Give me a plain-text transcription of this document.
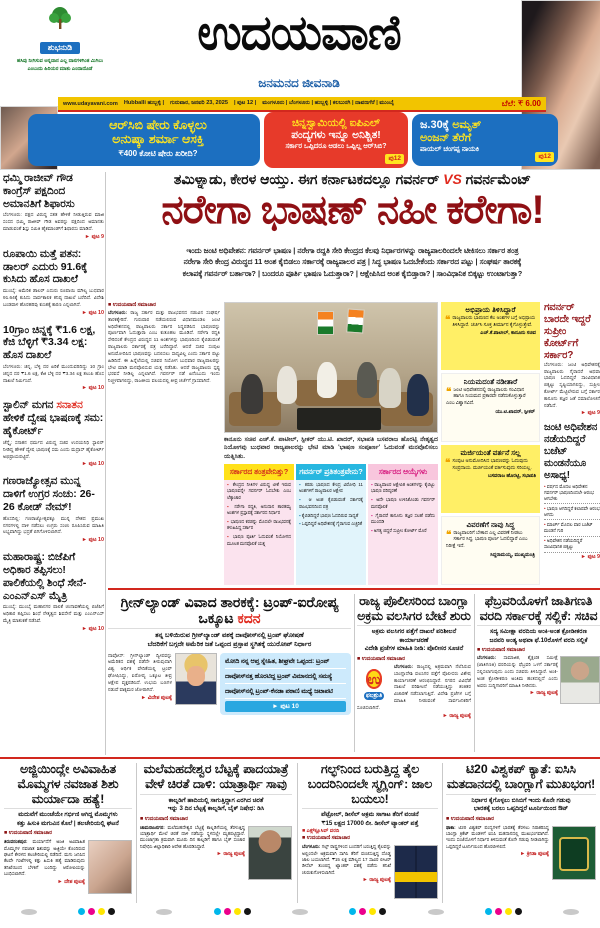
ಶುಭನುಡಿ
ಹಸಿವು ನೀಗಿಸುವ ಅನ್ನದಾನ ಎಲ್ಲ ದಾನಗಳಿಗಿಂತ ಮಿಗಿಲು ಎಂಬುದು ಹಿರಿಯರ ಮಾತು ಎಂದಾದೊಡೆ
ಉದಯವಾಣಿ
ಜನಮನದ ಜೀವನಾಡಿ
www.udayavani.com Hubballi ಹುಬ್ಬಳ್ಳಿ | ಗುರುವಾರ, ಜನವರಿ 23, 2025 | ಪುಟ 12 | ಮಂಗಳೂರು | ಬೆಂಗಳೂರು | ಹುಬ್ಬಳ್ಳಿ | ಕಲಬುರಗಿ | ದಾವಣಗೆರೆ | ಮುಂಬೈ	ಬೆಲೆ: ₹ 6.00
ಆರ್‌ಸಿಬಿ ಷೇರು ಕೊಳ್ಳಲು
ಅನುಷ್ಕಾ ಶರ್ಮಾ ಆಸಕ್ತಿ
₹400 ಕೋಟಿ ಷೇರು ಖರೀದಿ?
ಚಿನ್ನಸ್ವಾಮಿಯಲ್ಲಿ ಐಪಿಎಲ್
ಪಂದ್ಯಗಳು ಇನ್ನೂ ಅನಿಶ್ಚಿತ!
ಸರ್ಕಾರ ಒಪ್ಪಿದರೂ ಆಡಲು ಒಪ್ಪಿಲ್ಲ ಆರ್‌ಸಿಬಿ?
ಪು12
ಜ.30ಕ್ಕೆ ಅಮೃತ್
ಅಂಜನ್ ತೆರೆಗೆ
ಪಾಯಲ್ ಚಂಗಪ್ಪ ನಾಯಕಿ
ಪು12
ತಮಿಳ್ನಾಡು, ಕೇರಳ ಆಯ್ತು. ಈಗ ಕರ್ನಾಟಕದಲ್ಲೂ ಗವರ್ನರ್ VS ಗವರ್ನಮೆಂಟ್
ನರೇಗಾ ಭಾಷಣ್ ನಹೀ ಕರೇಗಾ!
ಇಂದು ಜಂಟಿ ಅಧಿವೇಶನ: ಗವರ್ನರ್ ಭಾಷಣ | ನರೇಗಾ ರದ್ದತಿ ಸೇರಿ ಕೇಂದ್ರದ ಕೆಲವು ನಿರ್ಧಾರಗಳನ್ನು ರಾಜ್ಯಪಾಲರಿಂದಲೇ ಟೀಕಿಸಲು ಸರ್ಕಾರ ತಂತ್ರ
ನರೇಗಾ ಸೇರಿ ಕೇಂದ್ರ ವಿರುದ್ಧದ 11 ಅಂಶ ಕೈಬಿಡಲು ಸರ್ಕಾರಕ್ಕೆ ರಾಜ್ಯಪಾಲರ ಪತ್ರ | ಸಿದ್ಧ ಭಾಷಣ ಓದಬೇಕೆಂದು ಸರ್ಕಾರದ ಪಟ್ಟು | ಸಂಘರ್ಷ ತಾರಕಕ್ಕೆ
ಕಲಾಪಕ್ಕೆ ಗವರ್ನರ್ ಬರ್ತಾರಾ? | ಬಂದರೂ ಪೂರ್ತಿ ಭಾಷಣ ಓದುತ್ತಾರಾ? | ಆಕ್ಷೇಪಿಸಿದ ಅಂಶ ಕೈಬಿಡ್ತಾರಾ? | ಸಾಂವಿಧಾನಿಕ ಬಿಕ್ಕಟ್ಟು ಉಂಟಾಗುತ್ತಾ?
ಧಮ್ಮಿ ರಾಜೀವ್ ಗೌಡ ಕಾಂಗ್ರೆಸ್ ಪಕ್ಷದಿಂದ ಅಮಾನತಿಗೆ ಶಿಫಾರಸು
ಬೆಂಗಳೂರು: ಪಕ್ಷದ ವಿರುದ್ಧ ಸತತ ಹೇಳಿಕೆ ನೀಡುತ್ತಿರುವ ಮಾಜಿ ಸಂಸದ ಧಮ್ಮಿ ರಾಜೀವ್ ಗೌಡ ಅವರನ್ನು ಪಕ್ಷದಿಂದ ಅಮಾನತು ಮಾಡುವಂತೆ ಶಿಸ್ತು ಸಮಿತಿ ಹೈಕಮಾಂಡ್‌ಗೆ ಶಿಫಾರಸು ಮಾಡಿದೆ.
► ಪುಟ 9
ರೂಪಾಯಿ ಮತ್ತೆ ಪತನ: ಡಾಲರ್ ಎದುರು 91.6ಕ್ಕೆ ಕುಸಿದು ಹೊಸ ದಾಖಲೆ
ಮುಂಬೈ: ಅಮೆರಿಕ ಡಾಲರ್ ಎದುರು ರೂಪಾಯಿ ಮೌಲ್ಯ ಬುಧವಾರ 91.64ಕ್ಕೆ ಕುಸಿದು ಸಾರ್ವಕಾಲಿಕ ಕನಿಷ್ಠ ದಾಖಲೆ ಬರೆದಿದೆ. ವಿದೇಶಿ ಬಂಡವಾಳ ಹೊರಹರಿವು ಕುಸಿತಕ್ಕೆ ಕಾರಣ ಎನ್ನಲಾಗಿದೆ.
► ಪುಟ 10
10ಗ್ರಾಂ ಚಿನ್ನಕ್ಕೆ ₹1.6 ಲಕ್ಷ, ಕೆಜಿ ಬೆಳ್ಳಿಗೆ ₹3.34 ಲಕ್ಷ: ಹೊಸ ದಾಖಲೆ
ಬೆಂಗಳೂರು: ಚಿನ್ನ, ಬೆಳ್ಳಿ ದರ ಏರಿಕೆ ಮುಂದುವರಿದಿದ್ದು 10 ಗ್ರಾಂ ಚಿನ್ನದ ದರ ₹1.6 ಲಕ್ಷ, ಕೆಜಿ ಬೆಳ್ಳಿ ದರ ₹3.34 ಲಕ್ಷ ತಲುಪಿ ಹೊಸ ದಾಖಲೆ ನಿರ್ಮಿಸಿದೆ.
► ಪುಟ 10
ಸ್ಟಾಲಿನ್ ಮಗನ ಸನಾತನ ಹೇಳಿಕೆ ದ್ವೇಷ ಭಾಷಣಕ್ಕೆ ಸಮ: ಹೈಕೋರ್ಟ್
ಚೆನ್ನೈ: ಸನಾತನ ಧರ್ಮದ ವಿರುದ್ಧ ಸಚಿವ ಉದಯನಿಧಿ ಸ್ಟಾಲಿನ್ ನೀಡಿದ್ದ ಹೇಳಿಕೆ ದ್ವೇಷ ಭಾಷಣಕ್ಕೆ ಸಮ ಎಂದು ಮದ್ರಾಸ್ ಹೈಕೋರ್ಟ್ ಅಭಿಪ್ರಾಯಪಟ್ಟಿದೆ.
► ಪುಟ 10
ಗಣರಾಜ್ಯೋತ್ಸವ ಮುನ್ನ ದಾಳಿಗೆ ಉಗ್ರರ ಸಂಚು: 26-26 ಕೋಡ್ ನೇಮ್!
ಹೊಸದಿಲ್ಲಿ: ಗಣರಾಜ್ಯೋತ್ಸವಕ್ಕೂ ಮುನ್ನ ದೇಶದ ಪ್ರಮುಖ ನಗರಗಳಲ್ಲಿ ದಾಳಿ ನಡೆಸಲು ಉಗ್ರರು ಸಂಚು ರೂಪಿಸಿರುವ ಮಾಹಿತಿ ಲಭ್ಯವಾಗಿದ್ದು ಭದ್ರತೆ ಬಿಗಿಗೊಳಿಸಲಾಗಿದೆ.
► ಪುಟ 10
ಮಹಾರಾಷ್ಟ್ರ: ಬಿಜೆಪಿಗೆ ಅಧಿಕಾರ ತಪ್ಪಿಸಲು! ಪಾಲಿಕೆಯಲ್ಲಿ ಶಿಂಧೆ ಸೇನೆ-ಎಂಎನ್‌ಎಸ್ ಮೈತ್ರಿ
ಮುಂಬೈ: ಮುಂಬೈ ಮಹಾನಗರ ಪಾಲಿಕೆ ಚುನಾವಣೆಯಲ್ಲಿ ಬಿಜೆಪಿಗೆ ಅಧಿಕಾರ ತಪ್ಪಿಸಲು ಶಿಂಧೆ ನೇತೃತ್ವದ ಶಿವಸೇನೆ ಮತ್ತು ಎಂಎನ್‌ಎಸ್ ಮೈತ್ರಿ ಮಾತುಕತೆ ನಡೆಸಿವೆ.
► ಪುಟ 10
■ ಉದಯವಾಣಿ ಸಮಾಚಾರ
ಬೆಂಗಳೂರು: ರಾಜ್ಯ ಸರ್ಕಾರ ಮತ್ತು ರಾಜಭವನದ ನಡುವಿನ ಸಂಘರ್ಷ ತಾರಕಕ್ಕೇರಿದೆ. ಗುರುವಾರ ನಡೆಯಲಿರುವ ವಿಧಾನಮಂಡಲ ಜಂಟಿ ಅಧಿವೇಶನದಲ್ಲಿ ರಾಜ್ಯಪಾಲರು ಸರ್ಕಾರ ಸಿದ್ಧಪಡಿಸಿದ ಭಾಷಣವನ್ನು ಪೂರ್ಣವಾಗಿ ಓದುತ್ತಾರಾ ಎಂಬ ಕುತೂಹಲ ಮೂಡಿದೆ. ನರೇಗಾ ರದ್ದತಿ ಸೇರಿದಂತೆ ಕೇಂದ್ರದ ವಿರುದ್ಧದ 11 ಅಂಶಗಳನ್ನು ಭಾಷಣದಿಂದ ಕೈಬಿಡುವಂತೆ ರಾಜ್ಯಪಾಲರು ಸರ್ಕಾರಕ್ಕೆ ಪತ್ರ ಬರೆದಿದ್ದಾರೆ. ಆದರೆ ಸಚಿವ ಸಂಪುಟ ಅನುಮೋದಿಸಿದ ಭಾಷಣವನ್ನು ಬದಲಿಸಲು ಸಾಧ್ಯವಿಲ್ಲ ಎಂದು ಸರ್ಕಾರ ಪಟ್ಟು ಹಿಡಿದಿದೆ. ಈ ಹಿನ್ನೆಲೆಯಲ್ಲಿ ಸಚಿವರ ನಿಯೋಗ ಬುಧವಾರ ರಾಜ್ಯಪಾಲರನ್ನು ಭೇಟಿ ಮಾಡಿ ಮನವೊಲಿಸುವ ಯತ್ನ ನಡೆಸಿತು. ಆದರೆ ರಾಜ್ಯಪಾಲರು ಸ್ಪಷ್ಟ ಭರವಸೆ ನೀಡಿಲ್ಲ ಎನ್ನಲಾಗಿದೆ. ಗವರ್ನರ್ ನಡೆ ಏನೆಂಬುದು ಇಂದು ನಿಚ್ಚಳವಾಗಲಿದ್ದು, ರಾಜಕೀಯ ವಲಯದಲ್ಲಿ ತೀವ್ರ ಚರ್ಚೆಗೆ ಗ್ರಾಸವಾಗಿದೆ.
ಕಾನೂನು ಸಚಿವ ಎಚ್.ಕೆ. ಪಾಟೀಲ್, ಸ್ಪೀಕರ್ ಯು.ಟಿ. ಖಾದರ್, ಸಭಾಪತಿ ಬಸವರಾಜ ಹೊರಟ್ಟಿ ನೇತೃತ್ವದ ನಿಯೋಗವು ಬುಧವಾರ ರಾಜ್ಯಪಾಲರನ್ನು ಭೇಟಿ ಮಾಡಿ 'ಭಾಷಣ ಸಂಪೂರ್ಣ' ಓದುವಂತೆ ಮನವೊಲಿಸಲು ಯತ್ನಿಸಿತು.
ಸರ್ಕಾರದ ತಂತ್ರವೇನಿತ್ತು?
▪ ಕೇಂದ್ರದ ನೀತಿಗಳ ವಿರುದ್ಧ ಟೀಕೆ ಇರುವ ಭಾಷಣವನ್ನೇ ಗವರ್ನರ್ ಓದಬೇಕು ಎಂಬ ಲೆಕ್ಕಾಚಾರ
▪ ನರೇಗಾ ರದ್ದತಿ, ಅನುದಾನ ತಾರತಮ್ಯ ಅಂಶಗಳ ಪ್ರಸ್ತಾಪಕ್ಕೆ ಸರ್ಕಾರದ ನಿರ್ಧಾರ
▪ ಭಾಷಣದ ಕರಡನ್ನು ಮೊದಲೇ ರಾಜಭವನಕ್ಕೆ ಕಳುಹಿಸಿದ್ದ ಸರ್ಕಾರ
▪ ಭಾಷಣ ಪೂರ್ತಿ ಓದುವಂತೆ ನಿಯೋಗದ ಮೂಲಕ ಮನವೊಲಿಕೆ ಯತ್ನ
ಗವರ್ನರ್ ಪ್ರತಿತಂತ್ರವೇನು?
▪ ಕರಡು ಭಾಷಣದ ಕೇಂದ್ರ ವಿರೋಧಿ 11 ಅಂಶಗಳಿಗೆ ರಾಜ್ಯಪಾಲರ ಆಕ್ಷೇಪ
▪ ಆ ಅಂಶ ಕೈಬಿಡುವಂತೆ ಸರ್ಕಾರಕ್ಕೆ ರಾಜಭವನದಿಂದ ಪತ್ರ
▪ ಕೈಬಿಡದಿದ್ದರೆ ಭಾಷಣ ಓದದಿರುವ ಸಾಧ್ಯತೆ
▪ ಒಪ್ಪದಿದ್ದರೆ ಅಧಿವೇಶನಕ್ಕೆ ಗೈರಾಗುವ ಎಚ್ಚರಿಕೆ
ಸರ್ಕಾರದ ಆಯ್ಕೆಗಳು
▪ ರಾಜ್ಯಪಾಲರ ಆಕ್ಷೇಪಿತ ಅಂಶಗಳನ್ನು ಕೈಬಿಟ್ಟು ಭಾಷಣ ಪರಿಷ್ಕರಣೆ
▪ ಅದೇ ಭಾಷಣ ಉಳಿಸಿಕೊಂಡು ಗವರ್ನರ್ ಮನವೊಲಿಕೆ
▪ ಗೈರಾದರೆ ಕಾನೂನು ತಜ್ಞರ ಸಲಹೆ ಪಡೆದು ಮುಂದಡಿ
▪ ಅಗತ್ಯ ಬಿದ್ದರೆ ಸುಪ್ರೀಂ ಕೋರ್ಟ್ ಮೊರೆ
ಅಭಿಪ್ರಾಯ ತಿಳಿಸಿದ್ದಾರೆ
❝ ರಾಜ್ಯಪಾಲರು ಭಾಷಣದ ಕೆಲ ಅಂಶಗಳ ಬಗ್ಗೆ ಅಭಿಪ್ರಾಯ ತಿಳಿಸಿದ್ದಾರೆ. ಚರ್ಚಿಸಿ ಸೂಕ್ತ ತೀರ್ಮಾನ ಕೈಗೊಳ್ಳುತ್ತೇವೆ.
ಎಚ್.ಕೆ.ಪಾಟೀಲ್, ಕಾನೂನು ಸಚಿವ
ನಿಯಮದಂತೆ ನಡೀತಾರೆ
❝ ಜಂಟಿ ಅಧಿವೇಶನದಲ್ಲಿ ರಾಜ್ಯಪಾಲರು ಸಂವಿಧಾನ ಹಾಗೂ ನಿಯಮದ ಪ್ರಕಾರವೇ ನಡೆದುಕೊಳ್ಳುತ್ತಾರೆ ಎಂಬ ವಿಶ್ವಾಸವಿದೆ.
ಯು.ಟಿ.ಖಾದರ್, ಸ್ಪೀಕರ್
ಮರ್ಜಿಯಂತೆ ವರ್ತನೆ ಸಲ್ಲ
❝ ಸಂಪುಟ ಅನುಮೋದಿಸಿದ ಭಾಷಣವನ್ನು ಓದುವುದು ಸಂಪ್ರದಾಯ. ಮರ್ಜಿಯಂತೆ ವರ್ತಿಸುವುದು ಸರಿಯಲ್ಲ.
ಬಸವರಾಜ ಹೊರಟ್ಟಿ, ಸಭಾಪತಿ
ವಿವರಣೆಗೆ ನಾವು ಸಿದ್ಧ
❝ ರಾಜ್ಯಪಾಲರಿಗೆ ಬೇಕಾದ ಎಲ್ಲ ವಿವರಣೆ ನೀಡಲು ಸರ್ಕಾರ ಸಿದ್ಧ. ಭಾಷಣ ಪೂರ್ಣ ಓದಲಿದ್ದಾರೆ ಎಂಬ ನಿರೀಕ್ಷೆ ಇದೆ.
ಸಿದ್ದರಾಮಯ್ಯ, ಮುಖ್ಯಮಂತ್ರಿ
ಗವರ್ನರ್ ಬಾರದೇ ಇದ್ದರೆ ಸುಪ್ರೀಂ ಕೋರ್ಟ್‌ಗೆ ಸರ್ಕಾರ?
ಬೆಂಗಳೂರು: ಜಂಟಿ ಅಧಿವೇಶನಕ್ಕೆ ರಾಜ್ಯಪಾಲರು ಗೈರಾದರೆ ಅಥವಾ ಭಾಷಣ ಓದದಿದ್ದರೆ ಸಾಂವಿಧಾನಿಕ ಬಿಕ್ಕಟ್ಟು ಸೃಷ್ಟಿಯಾಗಲಿದ್ದು, ಸುಪ್ರೀಂ ಕೋರ್ಟ್ ಮೆಟ್ಟಿಲೇರುವ ಬಗ್ಗೆ ಸರ್ಕಾರ ಕಾನೂನು ತಜ್ಞರ ಜತೆ ಸಮಾಲೋಚನೆ ನಡೆಸಿದೆ.
► ಪುಟ 9
ಜಂಟಿ ಅಧಿವೇಶನ ನಡೆಯದಿದ್ದರೆ ಬಜೆಟ್ ಮಂಡನೆಯೂ ಅಸಾಧ್ಯ!
• ವರ್ಷದ ಮೊದಲ ಅಧಿವೇಶನ ಗವರ್ನರ್ ಭಾಷಣದಿಂದಲೇ ಆರಂಭ ಆಗಬೇಕು
• ಭಾಷಣ ಆಗದಿದ್ದರೆ ಕಲಾಪವೇ ಆರಂಭ ಆಗದು
• ಮಾರ್ಚ್ ಮೊದಲ ವಾರ ಬಜೆಟ್ ಮಂಡನೆ ಗುರಿ
• ಅಧಿವೇಶನ ನಡೆಯದಿದ್ದರೆ ಸಾಂವಿಧಾನಿಕ ಬಿಕ್ಕಟ್ಟು
► ಪುಟ 9
ಗ್ರೀನ್‌ಲ್ಯಾಂಡ್ ವಿವಾದ ತಾರಕಕ್ಕೆ: ಟ್ರಂಪ್-ಐರೋಪ್ಯ ಒಕ್ಕೂಟ ಕದನ
ತನ್ನ ಬಳಿಯಿರುವ ಗ್ರೀನ್‌ಲ್ಯಾಂಡ್ ವಶಕ್ಕೆ ದಾವೋಸ್‌ನಲ್ಲಿ ಟ್ರಂಪ್ ಘೋಷಣೆ
ಬೆದರಿಕೆಗೆ ಬಗ್ಗದೇ ಅಮೆರಿಕ ಜತೆ ಒಪ್ಪಂದ ಪ್ರಸ್ತಾಪ ಸ್ಥಗಿತಕ್ಕೆ ಯುರೋಪ್ ನಿರ್ಧಾರ
ದಾವೋಸ್: ಗ್ರೀನ್‌ಲ್ಯಾಂಡ್ ದ್ವೀಪವನ್ನು ಅಮೆರಿಕದ ವಶಕ್ಕೆ ಪಡೆದೇ ತೀರುವುದಾಗಿ ವಿಶ್ವ ಆರ್ಥಿಕ ವೇದಿಕೆಯಲ್ಲಿ ಟ್ರಂಪ್ ಘೋಷಿಸಿದ್ದು, ಐರೋಪ್ಯ ಒಕ್ಕೂಟ ತೀವ್ರ ಆಕ್ಷೇಪ ವ್ಯಕ್ತಪಡಿಸಿದೆ. ಉಭಯ ಬಣಗಳ ನಡುವೆ ವಾಕ್ಸಮರ ಜೋರಾಗಿದೆ.
► ವಿದೇಶ ಪುಟಕ್ಕೆ
ಮೋದಿ ನನ್ನ ಆಪ್ತ ಸ್ನೇಹಿತ, ಶೀಘ್ರವೇ ಒಪ್ಪಂದ: ಟ್ರಂಪ್
ದಾವೋಸ್‌ನತ್ತ ಹೊರಟಿದ್ದ ಟ್ರಂಪ್ ವಿಮಾನದಲ್ಲಿ ಸಮಸ್ಯೆ
ದಾವೋಸ್‌ನಲ್ಲಿ ಟ್ರಂಪ್-ಕೆನಡಾ ಪಠಾಣಿ ಮಧ್ಯೆ ಜಟಾಪಟಿ
► ಪುಟ 10
ರಾಜ್ಯ ಪೊಲೀಸರಿಂದ ಬಾಂಗ್ಲಾ ಅಕ್ರಮ ವಲಸಿಗರ ಬೇಟೆ ಶುರು
ಅಕ್ರಮ ವಲಸಿಗರ ಪತ್ತೆಗೆ ದಾಖಲೆ ಪರಿಶೀಲನೆ ಕಾರ್ಯಾಚರಣೆ
ವಿದೇಶಿ ಪ್ರಜೆಗಳ ಮಾಹಿತಿ ನೀಡಿ: ಪೊಲೀಸರ ಸೂಚನೆ
■ ಉದಯವಾಣಿ ಸಮಾಚಾರ
ಉ ಫಲಶ್ರುತಿ
ಬೆಂಗಳೂರು: ರಾಜ್ಯದಲ್ಲಿ ಅಕ್ರಮವಾಗಿ ನೆಲೆಸಿರುವ ಬಾಂಗ್ಲಾದೇಶಿ ವಲಸಿಗರ ಪತ್ತೆಗೆ ಪೊಲೀಸರು ವಿಶೇಷ ಕಾರ್ಯಾಚರಣೆ ಆರಂಭಿಸಿದ್ದಾರೆ. ನಗರದ ವಿವಿಧೆಡೆ ದಾಖಲೆ ಪರಿಶೀಲನೆ ನಡೆಯುತ್ತಿದ್ದು ಶಂಕಿತರ ವಿಚಾರಣೆ ನಡೆಸಲಾಗುತ್ತಿದೆ. ವಿದೇಶಿ ಪ್ರಜೆಗಳ ಬಗ್ಗೆ ಮಾಹಿತಿ ನೀಡುವಂತೆ ಸಾರ್ವಜನಿಕರಿಗೆ ಸೂಚಿಸಲಾಗಿದೆ.
► ರಾಜ್ಯ ಪುಟಕ್ಕೆ
ಫೆಬ್ರವರಿಯೊಳಗೆ ಜಾತಿಗಣತಿ ವರದಿ ಸರ್ಕಾರಕ್ಕೆ ಸಲ್ಲಿಕೆ: ಸಚಿವ
ಸದ್ಯ ಸಮೀಕ್ಷಾ ವರದಿಯ ಅಂಕಿ-ಅಂಶ ಕ್ರೋಡೀಕರಣ
ಜನವರಿ ಅಂತ್ಯ ಅಥವಾ ಫೆ.10ರೊಳಗೆ ವರದಿ ಸಲ್ಲಿಕೆ
■ ಉದಯವಾಣಿ ಸಮಾಚಾರ
ಬೆಂಗಳೂರು: ಸಾಮಾಜಿಕ, ಶೈಕ್ಷಣಿಕ ಸಮೀಕ್ಷೆ (ಜಾತಿಗಣತಿ) ವರದಿಯನ್ನು ಫೆಬ್ರವರಿ ಒಳಗೆ ಸರ್ಕಾರಕ್ಕೆ ಸಲ್ಲಿಸಲಾಗುವುದು ಎಂದು ಸಚಿವರು ತಿಳಿಸಿದ್ದಾರೆ. ಅಂಕಿ-ಅಂಶ ಕ್ರೋಡೀಕರಣ ಅಂತಿಮ ಹಂತದಲ್ಲಿದೆ ಎಂದು ಅವರು ಸುದ್ದಿಗಾರರಿಗೆ ಮಾಹಿತಿ ನೀಡಿದರು.
► ರಾಜ್ಯ ಪುಟಕ್ಕೆ
ಅಜ್ಜಿಯಿಂದ್ಲೇ ಅವಿವಾಹಿತ ಮೊಮ್ಮಗಳ ನವಜಾತ ಶಿಶು ಮರ್ಯಾದಾ ಹತ್ಯೆ!
ಮದುವೆಗೆ ಮುಂಚೆಯೇ ಗರ್ಭಿಣಿ ಆಗಿದ್ದ ಮೊಮ್ಮಗಳು
ಕತ್ತು ಹಿಸುಕಿ ಮಗುವಿನ ಕೊಲೆ | ತಲಚೇರಿಯಲ್ಲಿ ಘಟನೆ
■ ಉದಯವಾಣಿ ಸಮಾಚಾರ
ತಿರುವನಂತಪುರ: ಮರ್ಯಾದೆಗೆ ಅಂಜಿ ಅವಿವಾಹಿತ ಮೊಮ್ಮಗಳ ನವಜಾತ ಶಿಶುವನ್ನು ಅಜ್ಜಿಯೇ ಕೊಂದಿರುವ ಘಟನೆ ಕೇರಳದ ತಲಚೇರಿಯಲ್ಲಿ ನಡೆದಿದೆ. ಮಗು ಜನಿಸಿದ ಕೆಲವೇ ಗಂಟೆಗಳಲ್ಲಿ ಕತ್ತು ಹಿಸುಕಿ ಹತ್ಯೆ ಮಾಡಿರುವುದು ತನಿಖೆಯಿಂದ ಬೆಳಕಿಗೆ ಬಂದಿದ್ದು ಆರೋಪಿಯನ್ನು ಬಂಧಿಸಲಾಗಿದೆ.
► ದೇಶ ಪುಟಕ್ಕೆ
ಮಲೆಮಹದೇಶ್ವರ ಬೆಟ್ಟಕ್ಕೆ ಪಾದಯಾತ್ರೆ ವೇಳೆ ಚಿರತೆ ದಾಳಿ: ಯಾತ್ರಾರ್ಥಿ ಸಾವು
ಕಾಲ್ನಡಿಗೆ ಹಾದಿಯಲ್ಲಿ ಸಾಗುತ್ತಿದ್ದಾಗ ಎರಗಿದ ಚಿರತೆ
ಇನ್ನು 3 ದಿನ ಬೆಟ್ಟಕ್ಕೆ ಕಾಲ್ನಡಿಗೆ, ಬೈಕ್ ನಿಷೇಧ: ಡಿಸಿ
■ ಉದಯವಾಣಿ ಸಮಾಚಾರ
ಚಾಮರಾಜನಗರ: ಮಲೆಮಹದೇಶ್ವರ ಬೆಟ್ಟಕ್ಕೆ ಕಾಲ್ನಡಿಗೆಯಲ್ಲಿ ತೆರಳುತ್ತಿದ್ದ ಯಾತ್ರಾರ್ಥಿ ಮೇಲೆ ಚಿರತೆ ದಾಳಿ ನಡೆಸಿದ್ದು ಸ್ಥಳದಲ್ಲೇ ಮೃತಪಟ್ಟಿದ್ದಾರೆ. ಮುಂಜಾಗ್ರತಾ ಕ್ರಮವಾಗಿ ಮೂರು ದಿನ ಕಾಲ್ನಡಿಗೆ ಹಾಗೂ ಬೈಕ್ ಸಂಚಾರ ನಿಷೇಧಿಸಿ ಜಿಲ್ಲಾಧಿಕಾರಿ ಆದೇಶ ಹೊರಡಿಸಿದ್ದಾರೆ.
► ರಾಜ್ಯ ಪುಟಕ್ಕೆ
ಗಲ್ಫ್‌ನಿಂದ ಬರುತ್ತಿದ್ದ ತೈಲ ಬಂದರಿನಿಂದಲೇ ಸ್ಮಗ್ಲಿಂಗ್: ಜಾಲ ಬಯಲು!
ಪೆಟ್ರೋಲ್, ಡೀಸೆಲ್ ಅಕ್ರಮ ಸಾಗಾಟ ತೆರಿಗೆ ವಂಚನೆ
₹15 ಲಕ್ಷದ 17000 ಲೀ. ಡೀಸೆಲ್ ಟ್ಯಾಂಕರ್ ಪತ್ತೆ
■ ಎಕ್ಸ್‌ಕ್ಲೂಸಿವ್ ವರದಿ
■ ಉದಯವಾಣಿ ಸಮಾಚಾರ
ಬೆಂಗಳೂರು: ಗಲ್ಫ್ ರಾಷ್ಟ್ರಗಳಿಂದ ಬಂದರಿಗೆ ಬರುತ್ತಿದ್ದ ತೈಲವನ್ನು ಅಲ್ಲಿಂದಲೇ ಅಕ್ರಮವಾಗಿ ಸಾಗಿಸಿ ತೆರಿಗೆ ವಂಚಿಸುತ್ತಿದ್ದ ದೊಡ್ಡ ಜಾಲ ಬಯಲಾಗಿದೆ. ₹15 ಲಕ್ಷ ಮೌಲ್ಯದ 17 ಸಾವಿರ ಲೀಟರ್ ಡೀಸೆಲ್ ತುಂಬಿದ್ದ ಟ್ಯಾಂಕರ್ ವಶಕ್ಕೆ ಪಡೆದು ತನಿಖೆ ಚುರುಕುಗೊಳಿಸಲಾಗಿದೆ.
► ರಾಜ್ಯ ಪುಟಕ್ಕೆ
ಟಿ20 ವಿಶ್ವಕಪ್ ಕ್ಯಾತೆ: ಐಸಿಸಿ ಮತದಾನದಲ್ಲಿ ಬಾಂಗ್ಲಾಗೆ ಮುಖಭಂಗ!
ನಿರ್ಧಾರ ಕೈಗೊಳ್ಳಲು ಬಿಸಿಬಿಗೆ ಇಂದು ಕೊನೇ ಗಡುವು
ಭಾರತಕ್ಕೆ ಬರಲು ಒಪ್ಪದಿದ್ದರೆ ಟೂರ್ನಿಯಿಂದ ಔಟ್
■ ಉದಯವಾಣಿ ಸಮಾಚಾರ
ಢಾಕಾ: ಟಿ20 ವಿಶ್ವಕಪ್ ಪಂದ್ಯಗಳಿಗೆ ಭಾರತಕ್ಕೆ ತೆರಳಲು ನಿರಾಕರಿಸಿದ್ದ ಬಾಂಗ್ಲಾ ಕ್ರಿಕೆಟ್ ಮಂಡಳಿಗೆ ಐಸಿಸಿ ಮತದಾನದಲ್ಲಿ ಮುಖಭಂಗವಾಗಿದೆ. ಇಂದು ಸಂಜೆಯೊಳಗೆ ನಿರ್ಧಾರ ತಿಳಿಸುವಂತೆ ಕೊನೇ ಗಡುವು ನೀಡಲಾಗಿದ್ದು ಒಪ್ಪದಿದ್ದರೆ ಟೂರ್ನಿಯಿಂದ ಹೊರಬೀಳಲಿದೆ.
► ಕ್ರೀಡಾ ಪುಟಕ್ಕೆ
